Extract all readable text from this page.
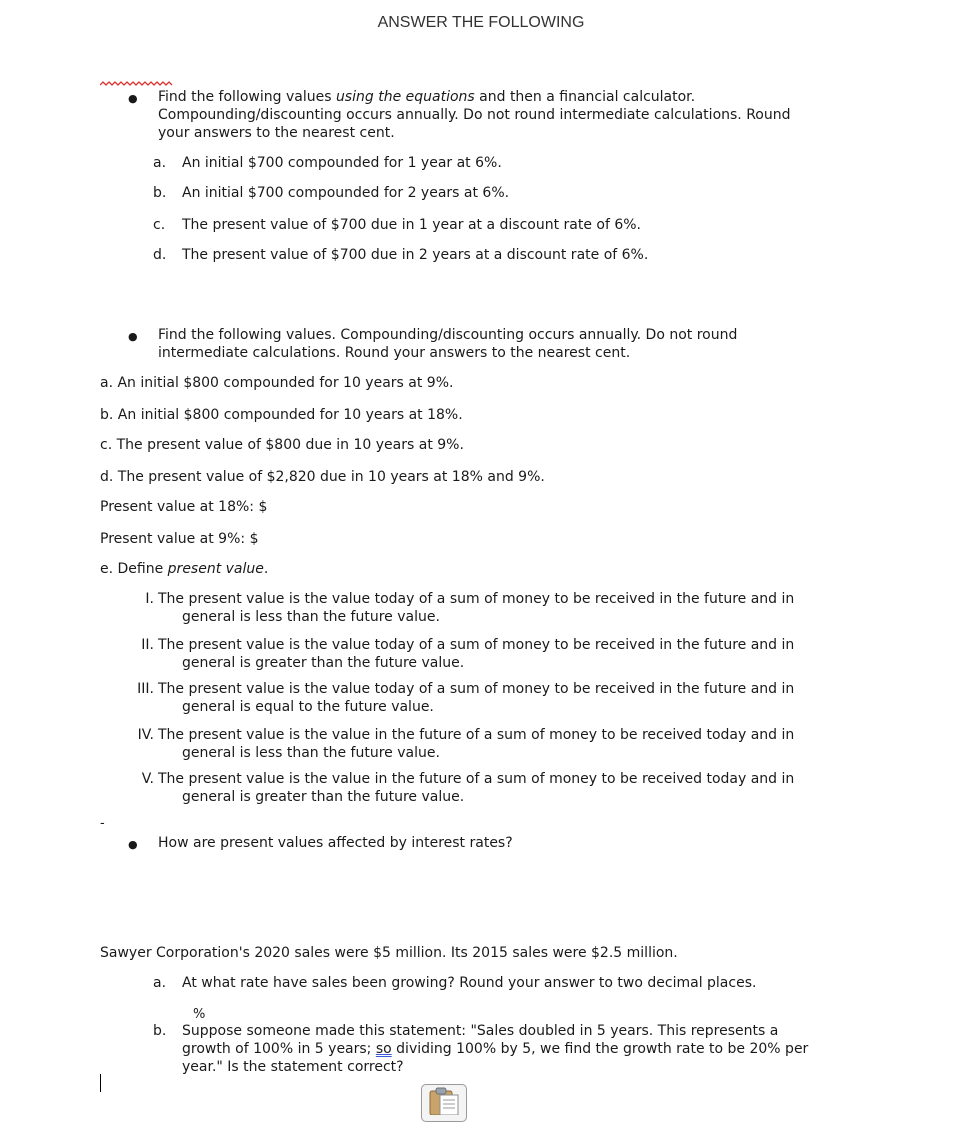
ANSWER THE FOLLOWING
● Find the following values using the equations and then a financial calculator.
Compounding/discounting occurs annually. Do not round intermediate calculations. Round
your answers to the nearest cent.
a.	An initial $700 compounded for 1 year at 6%.
b.	An initial $700 compounded for 2 years at 6%.
c.	The present value of $700 due in 1 year at a discount rate of 6%.
d.	The present value of $700 due in 2 years at a discount rate of 6%.
● Find the following values. Compounding/discounting occurs annually. Do not round
intermediate calculations. Round your answers to the nearest cent.
a. An initial $800 compounded for 10 years at 9%.
b. An initial $800 compounded for 10 years at 18%.
c. The present value of $800 due in 10 years at 9%.
d. The present value of $2,820 due in 10 years at 18% and 9%.
Present value at 18%: $
Present value at 9%: $
e. Define present value.
I. The present value is the value today of a sum of money to be received in the future and in
general is less than the future value.
II. The present value is the value today of a sum of money to be received in the future and in
general is greater than the future value.
III. The present value is the value today of a sum of money to be received in the future and in
general is equal to the future value.
IV. The present value is the value in the future of a sum of money to be received today and in
general is less than the future value.
V. The present value is the value in the future of a sum of money to be received today and in
general is greater than the future value.
-
● How are present values affected by interest rates?
Sawyer Corporation's 2020 sales were $5 million. Its 2015 sales were $2.5 million.
a.	At what rate have sales been growing? Round your answer to two decimal places.
%
b.	Suppose someone made this statement: "Sales doubled in 5 years. This represents a
growth of 100% in 5 years; so dividing 100% by 5, we find the growth rate to be 20% per
year." Is the statement correct?
